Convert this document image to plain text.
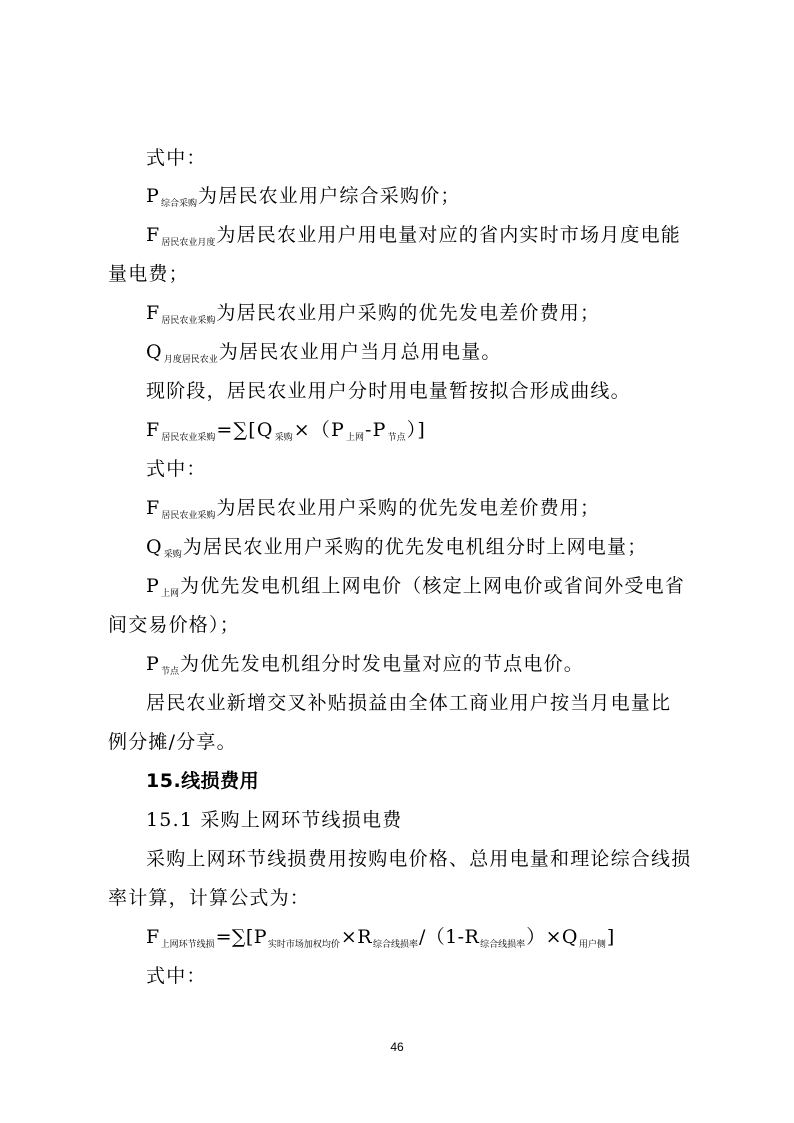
式中：
$P_{综合采购}$为居民农业用户综合采购价；
$F_{居民农业月度}$为居民农业用户用电量对应的省内实时市场月度电能
量电费；
$F_{居民农业采购}$为居民农业用户采购的优先发电差价费用；
$Q_{月度居民农业}$为居民农业用户当月总用电量。
现阶段，居民农业用户分时用电量暂按拟合形成曲线。
$F_{居民农业采购}=\sum[Q_{采购}\times(P_{上网}-P_{节点})]$
式中：
$F_{居民农业采购}$为居民农业用户采购的优先发电差价费用；
$Q_{采购}$为居民农业用户采购的优先发电机组分时上网电量；
$P_{上网}$为优先发电机组上网电价（核定上网电价或省间外受电省
间交易价格）；
$P_{节点}$为优先发电机组分时发电量对应的节点电价。
居民农业新增交叉补贴损益由全体工商业用户按当月电量比
例分摊/分享。
15.线损费用
15.1 采购上网环节线损电费
采购上网环节线损费用按购电价格、总用电量和理论综合线损
率计算，计算公式为：
$F_{上网环节线损}=\sum[P_{实时市场加权均价}\times R_{综合线损率}/(1-R_{综合线损率})\times Q_{用户侧}]$
式中：
46
